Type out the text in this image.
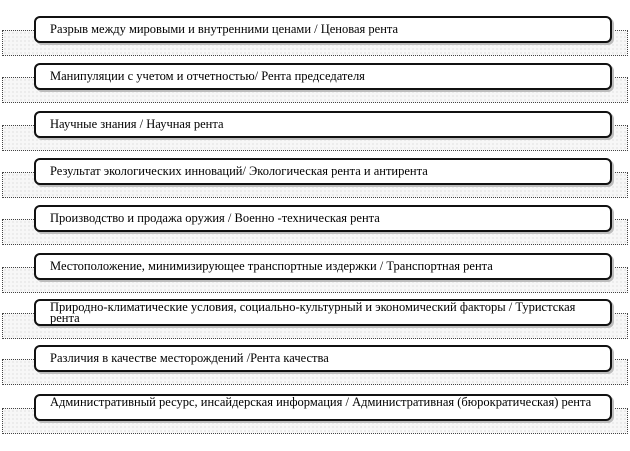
Разрыв между мировыми и внутренними ценами / Ценовая рента
Манипуляции с учетом и отчетностью/ Рента председателя
Научные знания / Научная рента
Результат экологических инноваций/ Экологическая рента и антирента
Производство и продажа оружия / Военно -техническая рента
Местоположение, минимизирующее транспортные издержки / Транспортная рента
Природно-климатические условия, социально-культурный и экономический факторы / Туристская рента
Различия в качестве месторождений /Рента качества
Административный ресурс, инсайдерская информация / Административная (бюрократическая) рента
